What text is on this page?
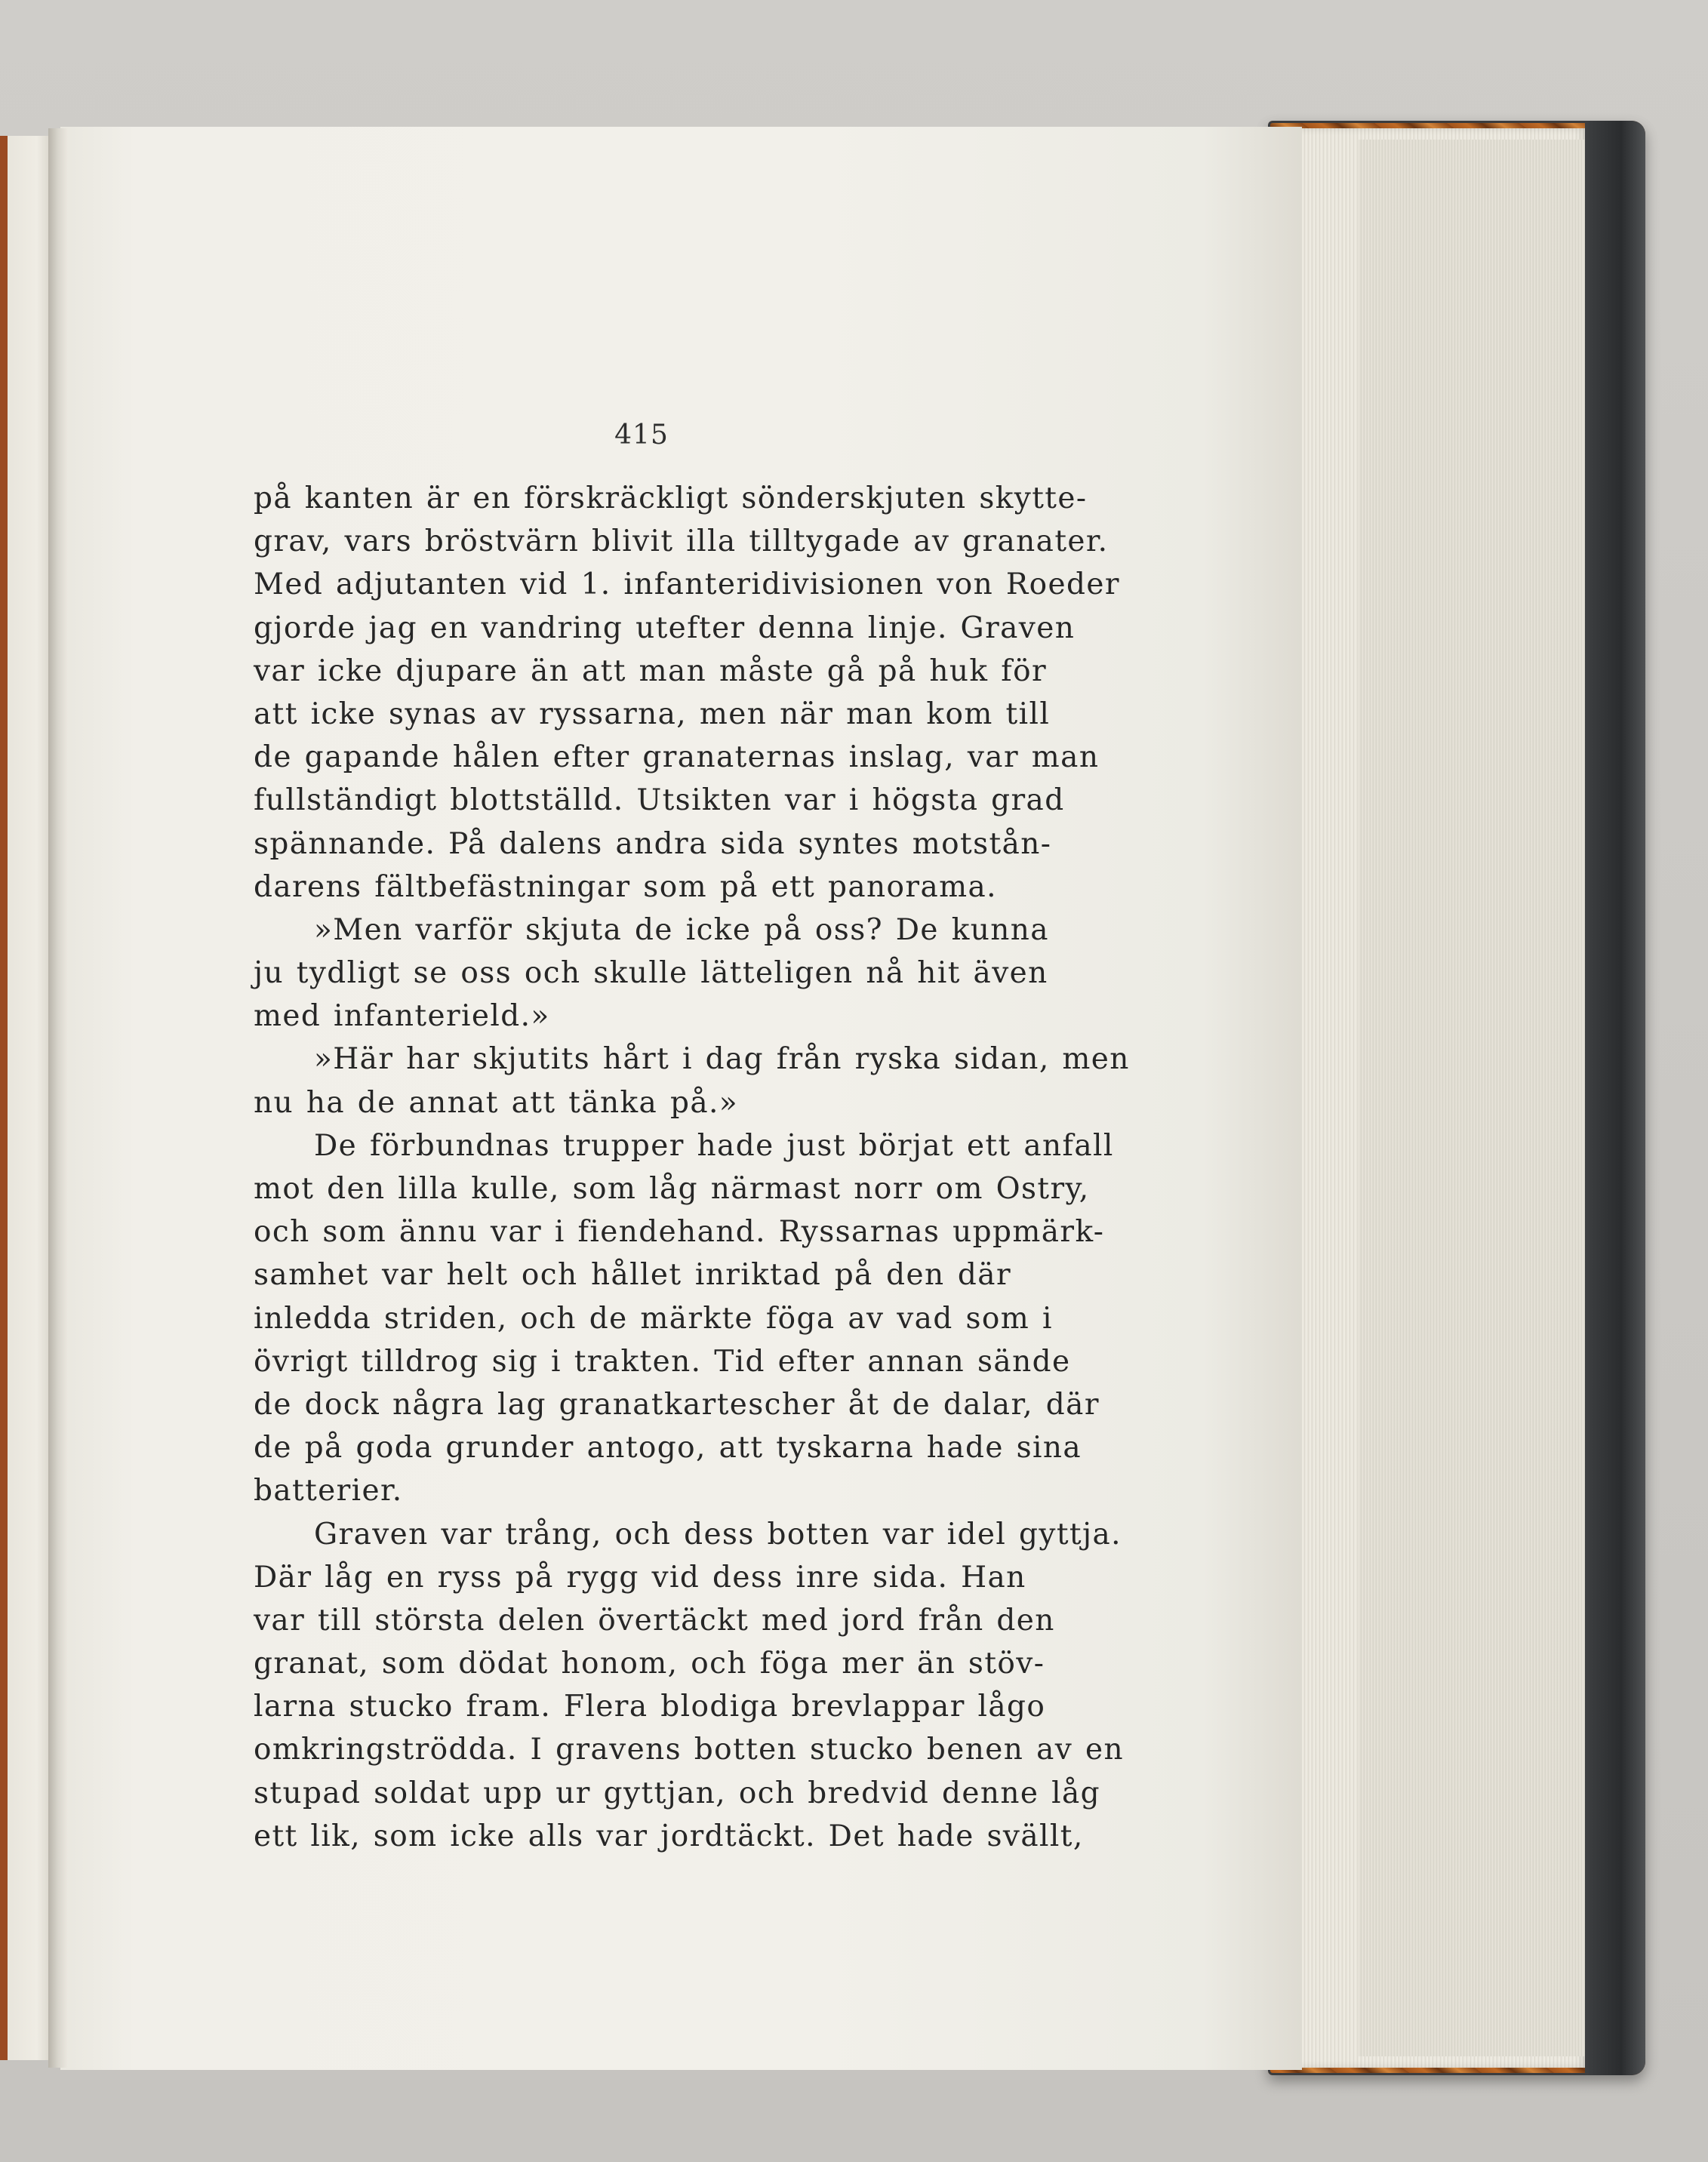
415
på kanten är en förskräckligt sönderskjuten skytte-
grav, vars bröstvärn blivit illa tilltygade av granater.
Med adjutanten vid 1. infanteridivisionen von Roeder
gjorde jag en vandring utefter denna linje. Graven
var icke djupare än att man måste gå på huk för
att icke synas av ryssarna, men när man kom till
de gapande hålen efter granaternas inslag, var man
fullständigt blottställd. Utsikten var i högsta grad
spännande. På dalens andra sida syntes motstån-
darens fältbefästningar som på ett panorama.
»Men varför skjuta de icke på oss? De kunna
ju tydligt se oss och skulle lätteligen nå hit även
med infanterield.»
»Här har skjutits hårt i dag från ryska sidan, men
nu ha de annat att tänka på.»
De förbundnas trupper hade just börjat ett anfall
mot den lilla kulle, som låg närmast norr om Ostry,
och som ännu var i fiendehand. Ryssarnas uppmärk-
samhet var helt och hållet inriktad på den där
inledda striden, och de märkte föga av vad som i
övrigt tilldrog sig i trakten. Tid efter annan sände
de dock några lag granatkartescher åt de dalar, där
de på goda grunder antogo, att tyskarna hade sina
batterier.
Graven var trång, och dess botten var idel gyttja.
Där låg en ryss på rygg vid dess inre sida. Han
var till största delen övertäckt med jord från den
granat, som dödat honom, och föga mer än stöv-
larna stucko fram. Flera blodiga brevlappar lågo
omkringströdda. I gravens botten stucko benen av en
stupad soldat upp ur gyttjan, och bredvid denne låg
ett lik, som icke alls var jordtäckt. Det hade svällt,
